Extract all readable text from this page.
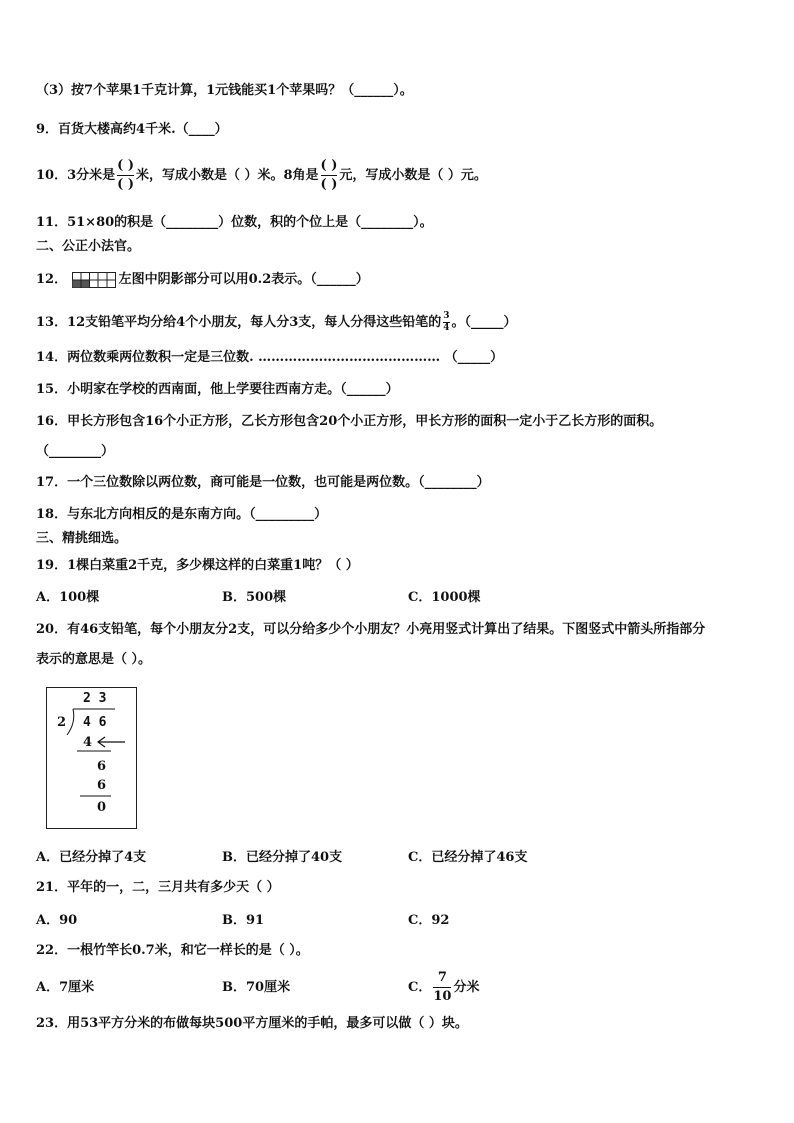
（3）按7个苹果1千克计算，1元钱能买1个苹果吗？（______）。
9．百货大楼高约4千米.（____）
10．3分米是 $\frac{( )}{( )}$ 米，写成小数是（ ）米。8角是 $\frac{( )}{( )}$ 元，写成小数是（ ）元。
11．51×80的积是（________）位数，积的个位上是（________）。
二、公正小法官。
12．	左图中阴影部分可以用0.2表示。（______）
13．12支铅笔平均分给4个小朋友，每人分3支，每人分得这些铅笔的 $\frac{3}{4}$ 。（_____）
14．两位数乘两位数积一定是三位数. …………………………………… （_____）
15．小明家在学校的西南面，他上学要往西南方走。（______）
16．甲长方形包含16个小正方形，乙长方形包含20个小正方形，甲长方形的面积一定小于乙长方形的面积。
（________）
17．一个三位数除以两位数，商可能是一位数，也可能是两位数。（________）
18．与东北方向相反的是东南方向。（_________）
三、精挑细选。
19．1棵白菜重2千克，多少棵这样的白菜重1吨？（ ）
A．100棵	B．500棵	C．1000棵
20．有46支铅笔，每个小朋友分2支，可以分给多少个小朋友？小亮用竖式计算出了结果。下图竖式中箭头所指部分
表示的意思是（ ）。
2 3
2 4 6
4
6
6
0
A．已经分掉了4支	B．已经分掉了40支	C．已经分掉了46支
21．平年的一，二，三月共有多少天（ ）
A．90	B．91	C．92
22．一根竹竿长0.7米，和它一样长的是（ ）。
A．7厘米	B．70厘米	C． $\frac{7}{10}$ 分米
23．用53平方分米的布做每块500平方厘米的手帕，最多可以做（ ）块。
